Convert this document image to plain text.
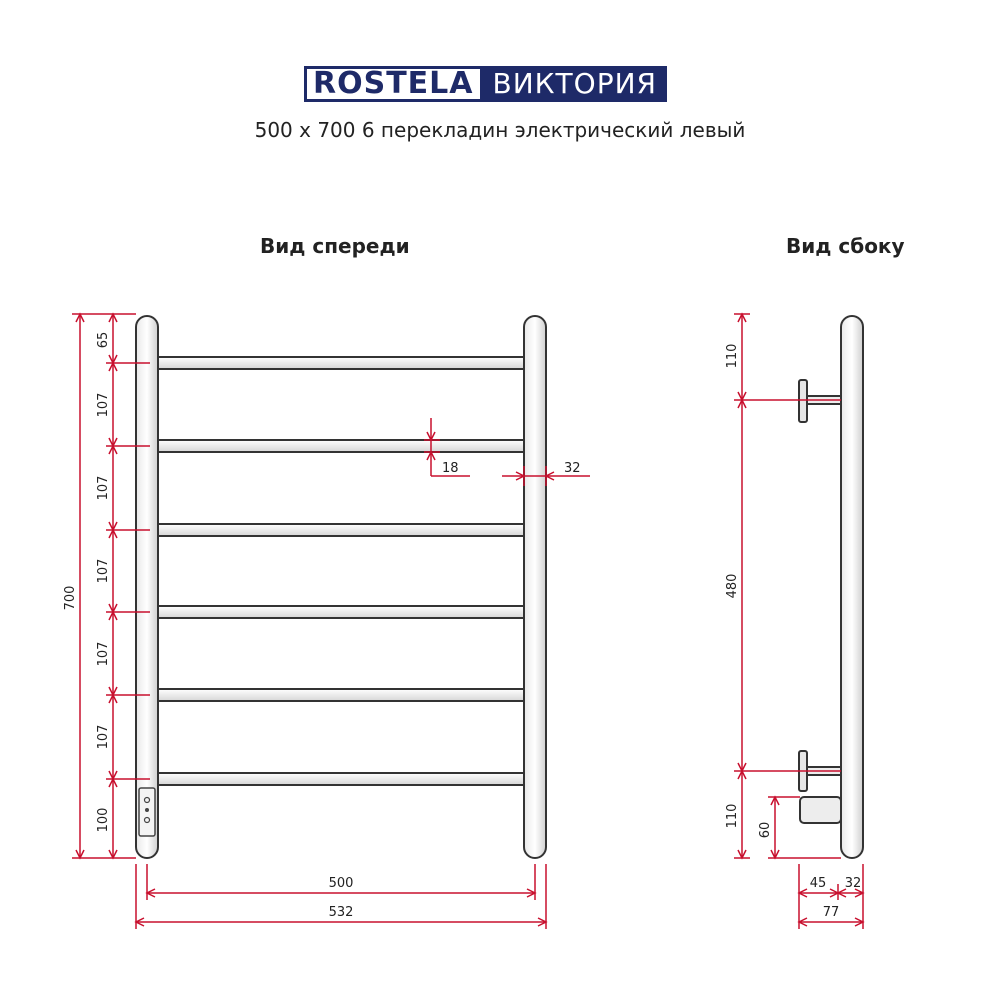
ROSTELA ВИКТОРИЯ
500 x 700 6 перекладин электрический левый
Вид спереди	Вид сбоку
700
65
107
107
107
107
107
100
18	32
500
532
110
480
110
60
45 32
77
